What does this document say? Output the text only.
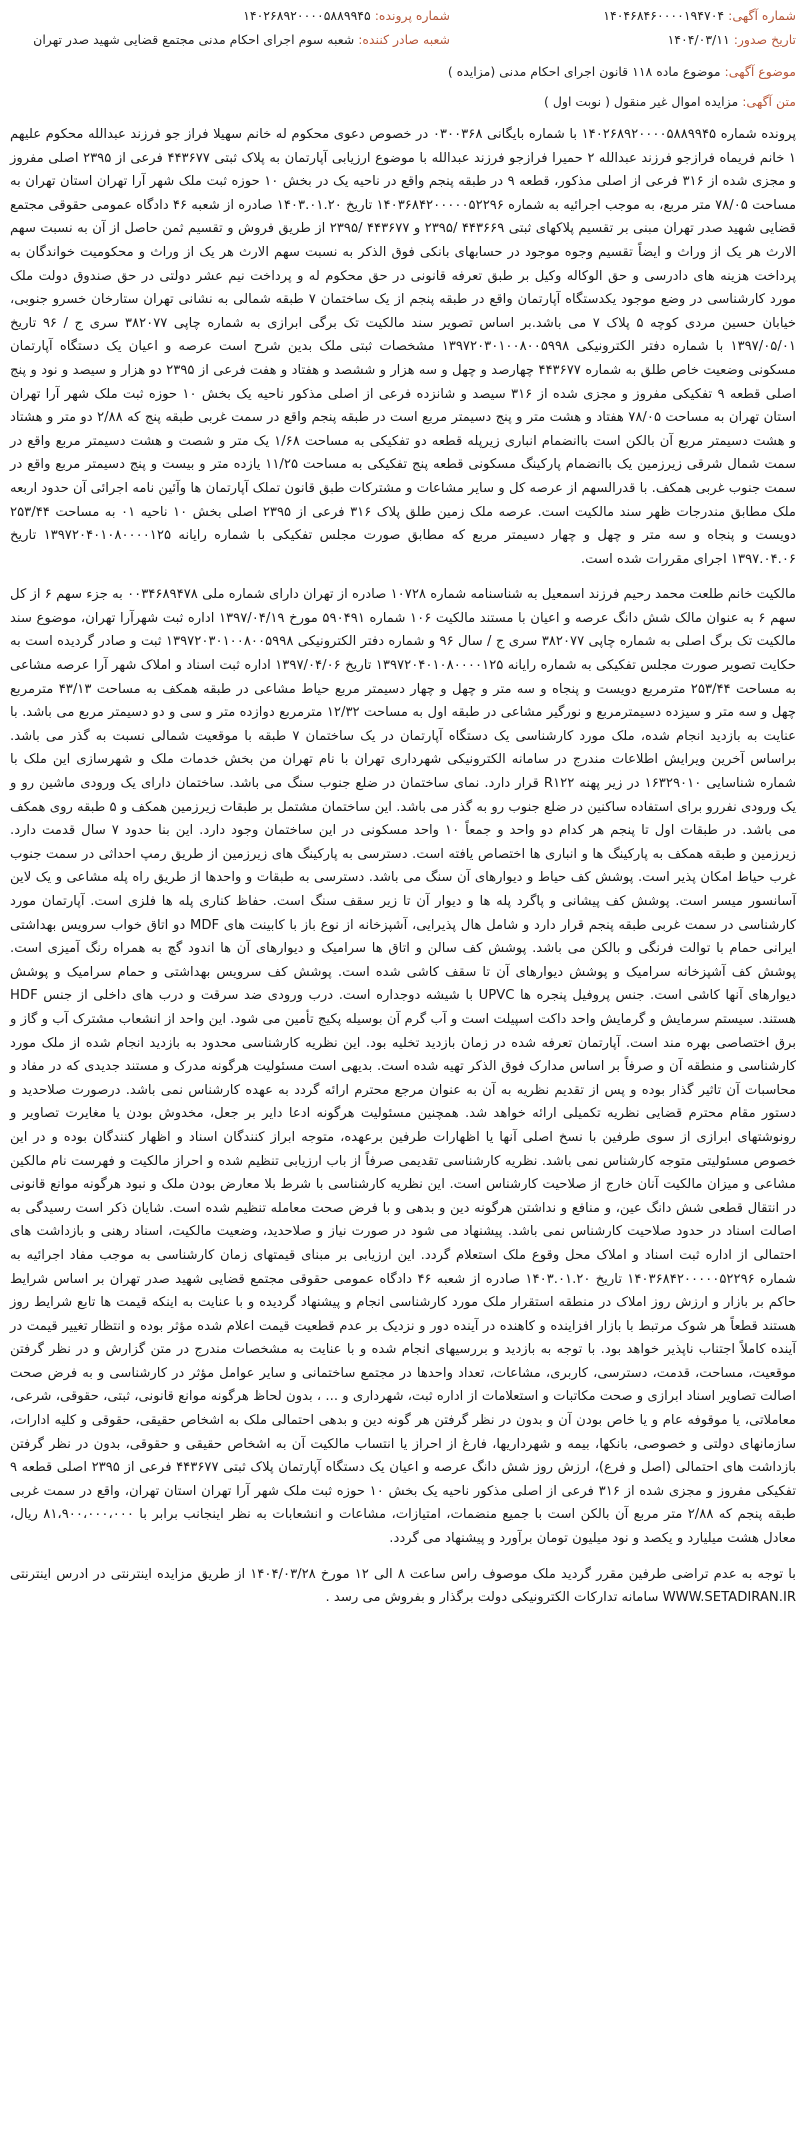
شماره آگهی: ۱۴۰۴۶۸۴۶۰۰۰۰۱۹۴۷۰۴
تاریخ صدور: ۱۴۰۴/۰۳/۱۱
شماره پرونده: ۱۴۰۲۶۸۹۲۰۰۰۰۵۸۸۹۹۴۵
شعبه صادر کننده: شعبه سوم اجرای احکام مدنی مجتمع قضایی شهید صدر تهران
موضوع آگهی: موضوع ماده ۱۱۸ قانون اجرای احکام مدنی (مزایده )
متن آگهی: مزایده اموال غیر منقول ( نوبت اول )

پرونده شماره ۱۴۰۲۶۸۹۲۰۰۰۰۵۸۸۹۹۴۵ با شماره بایگانی ۰۳۰۰۳۶۸ در خصوص دعوی محکوم له خانم سهیلا فراز جو فرزند عبدالله محکوم علیهم ۱ خانم فریماه فرازجو فرزند عبدالله ۲ حمیرا فرازجو فرزند عبدالله با موضوع ارزیابی آپارتمان به پلاک ثبتی ۴۴۳۶۷۷ فرعی از ۲۳۹۵ اصلی مفروز و مجزی شده از ۳۱۶ فرعی از اصلی مذکور، قطعه ۹ در طبقه پنجم واقع در ناحیه یک در بخش ۱۰ حوزه ثبت ملک شهر آرا تهران استان تهران به مساحت ۷۸/۰۵ متر مربع، به موجب اجرائیه به شماره ۱۴۰۳۶۸۴۲۰۰۰۰۰۵۲۲۹۶ تاریخ ۱۴۰۳.۰۱.۲۰ صادره از شعبه ۴۶ دادگاه عمومی حقوقی مجتمع قضایی شهید صدر تهران مبنی بر تقسیم پلاکهای ثبتی ۴۴۳۶۶۹ /۲۳۹۵ و ۴۴۳۶۷۷ /۲۳۹۵ از طریق فروش و تقسیم ثمن حاصل از آن به نسبت سهم الارث هر یک از وراث و ایضاً تقسیم وجوه موجود در حسابهای بانکی فوق الذکر به نسبت سهم الارث هر یک از وراث و محکومیت خواندگان به پرداخت هزینه های دادرسی و حق الوکاله وکیل بر طبق تعرفه قانونی در حق محکوم له و پرداخت نیم عشر دولتی در حق صندوق دولت ملک مورد کارشناسی در وضع موجود یکدستگاه آپارتمان واقع در طبقه پنجم از یک ساختمان ۷ طبقه شمالی به نشانی تهران ستارخان خسرو جنوبی، خیابان حسین مردی کوچه ۵ پلاک ۷ می باشد.بر اساس تصویر سند مالکیت تک برگی ابرازی به شماره چاپی ۳۸۲۰۷۷ سری ج / ۹۶ تاریخ ۱۳۹۷/۰۵/۰۱ با شماره دفتر الکترونیکی ۱۳۹۷۲۰۳۰۱۰۰۸۰۰۵۹۹۸ مشخصات ثبتی ملک بدین شرح است عرصه و اعیان یک دستگاه آپارتمان مسکونی وضعیت خاص طلق به شماره ۴۴۳۶۷۷ چهارصد و چهل و سه هزار و ششصد و هفتاد و هفت فرعی از ۲۳۹۵ دو هزار و سیصد و نود و پنج اصلی قطعه ۹ تفکیکی مفروز و مجزی شده از ۳۱۶ سیصد و شانزده فرعی از اصلی مذکور ناحیه یک بخش ۱۰ حوزه ثبت ملک شهر آرا تهران استان تهران به مساحت ۷۸/۰۵ هفتاد و هشت متر و پنج دسیمتر مربع است در طبقه پنجم واقع در سمت غربی طبقه پنج که ۲/۸۸ دو متر و هشتاد و هشت دسیمتر مربع آن بالکن است باانضمام انباری زیرپله قطعه دو تفکیکی به مساحت ۱/۶۸ یک متر و شصت و هشت دسیمتر مربع واقع در سمت شمال شرقی زیرزمین یک باانضمام پارکینگ مسکونی قطعه پنج تفکیکی به مساحت ۱۱/۲۵ یازده متر و بیست و پنج دسیمتر مربع واقع در سمت جنوب غربی همکف. با قدرالسهم از عرصه کل و سایر مشاعات و مشترکات طبق قانون تملک آپارتمان ها وآئین نامه اجرائی آن حدود اربعه ملک مطابق مندرجات ظهر سند مالکیت است. عرصه ملک زمین طلق پلاک ۳۱۶ فرعی از ۲۳۹۵ اصلی بخش ۱۰ ناحیه ۰۱ به مساحت ۲۵۳/۴۴ دویست و پنجاه و سه متر و چهل و چهار دسیمتر مربع که مطابق صورت مجلس تفکیکی با شماره رایانه ۱۳۹۷۲۰۴۰۱۰۸۰۰۰۰۱۲۵ تاریخ ۱۳۹۷.۰۴.۰۶ اجرای مقررات شده است.

مالکیت خانم طلعت محمد رحیم فرزند اسمعیل به شناسنامه شماره ۱۰۷۲۸ صادره از تهران دارای شماره ملی ۰۰۳۴۶۸۹۴۷۸ به جزء سهم ۶ از کل سهم ۶ به عنوان مالک شش دانگ عرصه و اعیان با مستند مالکیت ۱۰۶ شماره ۵۹۰۴۹۱ مورخ ۱۳۹۷/۰۴/۱۹ اداره ثبت شهرآرا تهران، موضوع سند مالکیت تک برگ اصلی به شماره چاپی ۳۸۲۰۷۷ سری ج / سال ۹۶ و شماره دفتر الکترونیکی ۱۳۹۷۲۰۳۰۱۰۰۸۰۰۵۹۹۸ ثبت و صادر گردیده است به حکایت تصویر صورت مجلس تفکیکی به شماره رایانه ۱۳۹۷۲۰۴۰۱۰۸۰۰۰۰۱۲۵ تاریخ ۱۳۹۷/۰۴/۰۶ اداره ثبت اسناد و املاک شهر آرا عرصه مشاعی به مساحت ۲۵۳/۴۴ مترمربع دویست و پنجاه و سه متر و چهل و چهار دسیمتر مربع حیاط مشاعی در طبقه همکف به مساحت ۴۳/۱۳ مترمربع چهل و سه متر و سیزده دسیمترمربع و نورگیر مشاعی در طبقه اول به مساحت ۱۲/۳۲ مترمربع دوازده متر و سی و دو دسیمتر مربع می باشد. با عنایت به بازدید انجام شده، ملک مورد کارشناسی یک دستگاه آپارتمان در یک ساختمان ۷ طبقه با موقعیت شمالی نسبت به گذر می باشد. براساس آخرین ویرایش اطلاعات مندرج در سامانه الکترونیکی شهرداری تهران با نام تهران من بخش خدمات ملک و شهرسازی این ملک با شماره شناسایی ۱۶۳۲۹۰۱۰ در زیر پهنه R۱۲۲ قرار دارد. نمای ساختمان در ضلع جنوب سنگ می باشد. ساختمان دارای یک ورودی ماشین رو و یک ورودی نفررو برای استفاده ساکنین در ضلع جنوب رو به گذر می باشد. این ساختمان مشتمل بر طبقات زیرزمین همکف و ۵ طبقه روی همکف می باشد. در طبقات اول تا پنجم هر کدام دو واحد و جمعاً ۱۰ واحد مسکونی در این ساختمان وجود دارد. این بنا حدود ۷ سال قدمت دارد. زیرزمین و طبقه همکف به پارکینگ ها و انباری ها اختصاص یافته است. دسترسی به پارکینگ های زیرزمین از طریق رمپ احداثی در سمت جنوب غرب حیاط امکان پذیر است. پوشش کف حیاط و دیوارهای آن سنگ می باشد. دسترسی به طبقات و واحدها از طریق راه پله مشاعی و یک لاین آسانسور میسر است. پوشش کف پیشانی و پاگرد پله ها و دیوار آن تا زیر سقف سنگ است. حفاظ کناری پله ها فلزی است. آپارتمان مورد کارشناسی در سمت غربی طبقه پنجم قرار دارد و شامل هال پذیرایی، آشپزخانه از نوع باز با کابینت های MDF دو اتاق خواب سرویس بهداشتی ایرانی حمام با توالت فرنگی و بالکن می باشد. پوشش کف سالن و اتاق ها سرامیک و دیوارهای آن ها اندود گچ به همراه رنگ آمیزی است. پوشش کف آشپزخانه سرامیک و پوشش دیوارهای آن تا سقف کاشی شده است. پوشش کف سرویس بهداشتی و حمام سرامیک و پوشش دیوارهای آنها کاشی است. جنس پروفیل پنجره ها UPVC با شیشه دوجداره است. درب ورودی ضد سرقت و درب های داخلی از جنس HDF هستند. سیستم سرمایش و گرمایش واحد داکت اسپیلت است و آب گرم آن بوسیله پکیج تأمین می شود. این واحد از انشعاب مشترک آب و گاز و برق اختصاصی بهره مند است. آپارتمان تعرفه شده در زمان بازدید تخلیه بود. این نظریه کارشناسی محدود به بازدید انجام شده از ملک مورد کارشناسی و منطقه آن و صرفاً بر اساس مدارک فوق الذکر تهیه شده است. بدیهی است مسئولیت هرگونه مدرک و مستند جدیدی که در مفاد و محاسبات آن تاثیر گذار بوده و پس از تقدیم نظریه به آن به عنوان مرجع محترم ارائه گردد به عهده کارشناس نمی باشد. درصورت صلاحدید و دستور مقام محترم قضایی نظریه تکمیلی ارائه خواهد شد. همچنین مسئولیت هرگونه ادعا دایر بر جعل، مخدوش بودن یا مغایرت تصاویر و رونوشتهای ابرازی از سوی طرفین با نسخ اصلی آنها یا اظهارات طرفین برعهده، متوجه ابراز کنندگان اسناد و اظهار کنندگان بوده و در این خصوص مسئولیتی متوجه کارشناس نمی باشد. نظریه کارشناسی تقدیمی صرفاً از باب ارزیابی تنظیم شده و احراز مالکیت و فهرست نام مالکین مشاعی و میزان مالکیت آنان خارج از صلاحیت کارشناس است. این نظریه کارشناسی با شرط بلا معارض بودن ملک و نبود هرگونه موانع قانونی در انتقال قطعی شش دانگ عین، و منافع و نداشتن هرگونه دین و بدهی و با فرض صحت معامله تنظیم شده است. شایان ذکر است رسیدگی به اصالت اسناد در حدود صلاحیت کارشناس نمی باشد. پیشنهاد می شود در صورت نیاز و صلاحدید، وضعیت مالکیت، اسناد رهنی و بازداشت های احتمالی از اداره ثبت اسناد و املاک محل وقوع ملک استعلام گردد. این ارزیابی بر مبنای قیمتهای زمان کارشناسی به موجب مفاد اجرائیه به شماره ۱۴۰۳۶۸۴۲۰۰۰۰۰۵۲۲۹۶ تاریخ ۱۴۰۳.۰۱.۲۰ صادره از شعبه ۴۶ دادگاه عمومی حقوقی مجتمع قضایی شهید صدر تهران بر اساس شرایط حاکم بر بازار و ارزش روز املاک در منطقه استقرار ملک مورد کارشناسی انجام و پیشنهاد گردیده و با عنایت به اینکه قیمت ها تابع شرایط روز هستند قطعاً هر شوک مرتبط با بازار افزاینده و کاهنده در آینده دور و نزدیک بر عدم قطعیت قیمت اعلام شده مؤثر بوده و انتظار تغییر قیمت در آینده کاملاً اجتناب ناپذیر خواهد بود. با توجه به بازدید و بررسیهای انجام شده و با عنایت به مشخصات مندرج در متن گزارش و در نظر گرفتن موقعیت، مساحت، قدمت، دسترسی، کاربری، مشاعات، تعداد واحدها در مجتمع ساختمانی و سایر عوامل مؤثر در کارشناسی و به فرض صحت اصالت تصاویر اسناد ابرازی و صحت مکاتبات و استعلامات از اداره ثبت، شهرداری و ... ، بدون لحاظ هرگونه موانع قانونی، ثبتی، حقوقی، شرعی، معاملاتی، یا موقوفه عام و یا خاص بودن آن و بدون در نظر گرفتن هر گونه دین و بدهی احتمالی ملک به اشخاص حقیقی، حقوقی و کلیه ادارات، سازمانهای دولتی و خصوصی، بانکها، بیمه و شهرداریها، فارغ از احراز یا انتساب مالکیت آن به اشخاص حقیقی و حقوقی، بدون در نظر گرفتن بازداشت های احتمالی (اصل و فرع)، ارزش روز شش دانگ عرصه و اعیان یک دستگاه آپارتمان پلاک ثبتی ۴۴۳۶۷۷ فرعی از ۲۳۹۵ اصلی قطعه ۹ تفکیکی مفروز و مجزی شده از ۳۱۶ فرعی از اصلی مذکور ناحیه یک بخش ۱۰ حوزه ثبت ملک شهر آرا تهران استان تهران، واقع در سمت غربی طبقه پنجم که ۲/۸۸ متر مربع آن بالکن است با جمیع منضمات، امتیازات، مشاعات و انشعابات به نظر اینجانب برابر با ۸۱،۹۰۰،۰۰۰،۰۰۰ ریال، معادل هشت میلیارد و یکصد و نود میلیون تومان برآورد و پیشنهاد می گردد.

با توجه به عدم تراضی طرفین مقرر گردید ملک موصوف راس ساعت ۸ الی ۱۲ مورخ ۱۴۰۴/۰۳/۲۸ از طریق مزایده اینترنتی در ادرس اینترنتی WWW.SETADIRAN.IR سامانه تدارکات الکترونیکی دولت برگذار و بفروش می رسد .
